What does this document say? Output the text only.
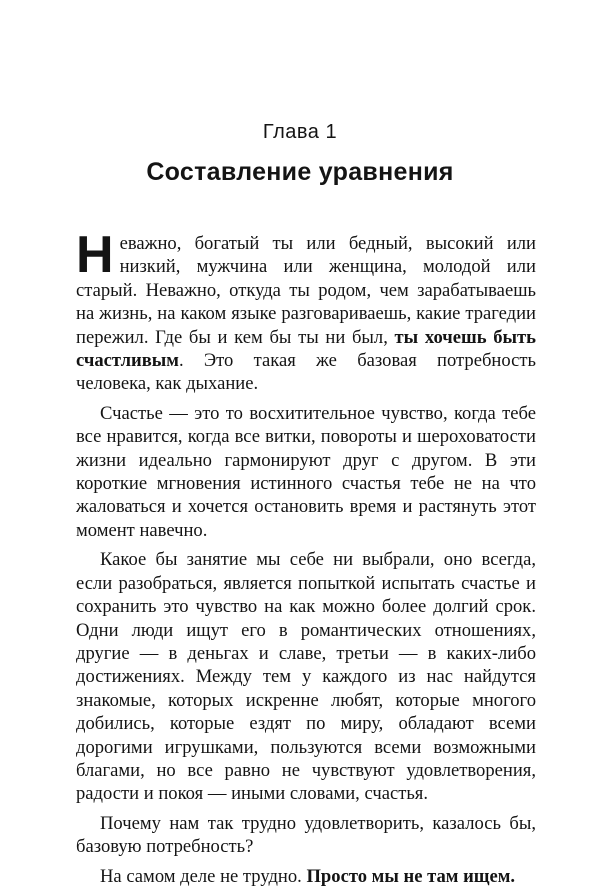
Глава 1
Составление уравнения

Неважно, богатый ты или бедный, высокий или низкий, мужчина или женщина, молодой или старый. Неважно, откуда ты родом, чем зарабатываешь на жизнь, на каком языке разговариваешь, какие трагедии пережил. Где бы и кем бы ты ни был, ты хочешь быть счастливым. Это такая же базовая потребность человека, как дыхание.

Счастье — это то восхитительное чувство, когда тебе все нравится, когда все витки, повороты и шероховатости жизни идеально гармонируют друг с другом. В эти короткие мгновения истинного счастья тебе не на что жаловаться и хочется остановить время и растянуть этот момент навечно.

Какое бы занятие мы себе ни выбрали, оно всегда, если разобраться, является попыткой испытать счастье и сохранить это чувство на как можно более долгий срок. Одни люди ищут его в романтических отношениях, другие — в деньгах и славе, третьи — в каких-либо достижениях. Между тем у каждого из нас найдутся знакомые, которых искренне любят, которые многого добились, которые ездят по миру, обладают всеми дорогими игрушками, пользуются всеми возможными благами, но все равно не чувствуют удовлетворения, радости и покоя — иными словами, счастья.

Почему нам так трудно удовлетворить, казалось бы, базовую потребность?

На самом деле не трудно. Просто мы не там ищем.
